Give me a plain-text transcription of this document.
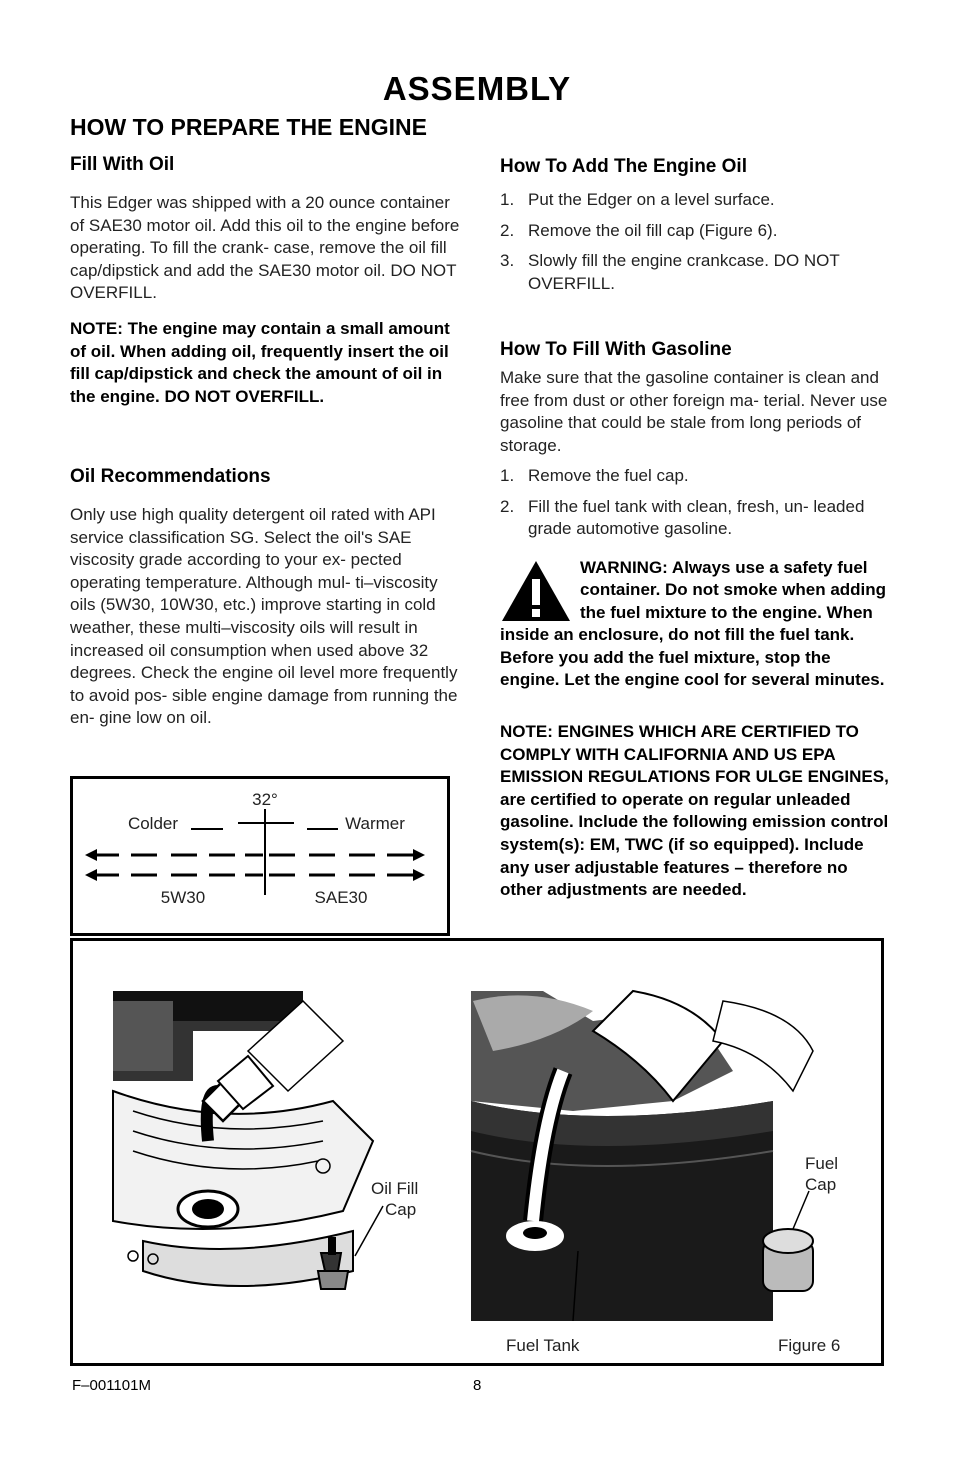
ASSEMBLY
HOW TO PREPARE THE ENGINE
Fill With Oil
This Edger was shipped with a 20 ounce container of SAE30 motor oil. Add this oil to the engine before operating. To fill the crank- case, remove the oil fill cap/dipstick and add the SAE30 motor oil. DO NOT OVERFILL.
NOTE: The engine may contain a small amount of oil. When adding oil, frequently insert the oil fill cap/dipstick and check the amount of oil in the engine. DO NOT OVERFILL.
Oil Recommendations
Only use high quality detergent oil rated with API service classification SG. Select the oil's SAE viscosity grade according to your ex- pected operating temperature. Although mul- ti–viscosity oils (5W30, 10W30, etc.) improve starting in cold weather, these multi–viscosity oils will result in increased oil consumption when used above 32 degrees. Check the engine oil level more frequently to avoid pos- sible engine damage from running the en- gine low on oil.
32°
Colder	Warmer
5W30	SAE30
How To Add The Engine Oil
1. Put the Edger on a level surface.
2. Remove the oil fill cap (Figure 6).
3. Slowly fill the engine crankcase. DO NOT OVERFILL.
How To Fill With Gasoline
Make sure that the gasoline container is clean and free from dust or other foreign ma- terial. Never use gasoline that could be stale from long periods of storage.
1. Remove the fuel cap.
2. Fill the fuel tank with clean, fresh, un- leaded grade automotive gasoline.
WARNING: Always use a safety fuel container. Do not smoke when adding the fuel mixture to the engine. When inside an enclosure, do not fill the fuel tank. Before you add the fuel mixture, stop the engine. Let the engine cool for several minutes.
NOTE: ENGINES WHICH ARE CERTIFIED TO COMPLY WITH CALIFORNIA AND US EPA EMISSION REGULATIONS FOR ULGE ENGINES, are certified to operate on regular unleaded gasoline. Include the following emission control system(s): EM, TWC (if so equipped). Include any user adjustable features – therefore no other adjustments are needed.
Oil Fill
Cap
Fuel
Cap
Fuel Tank	Figure 6
F–001101M	8
